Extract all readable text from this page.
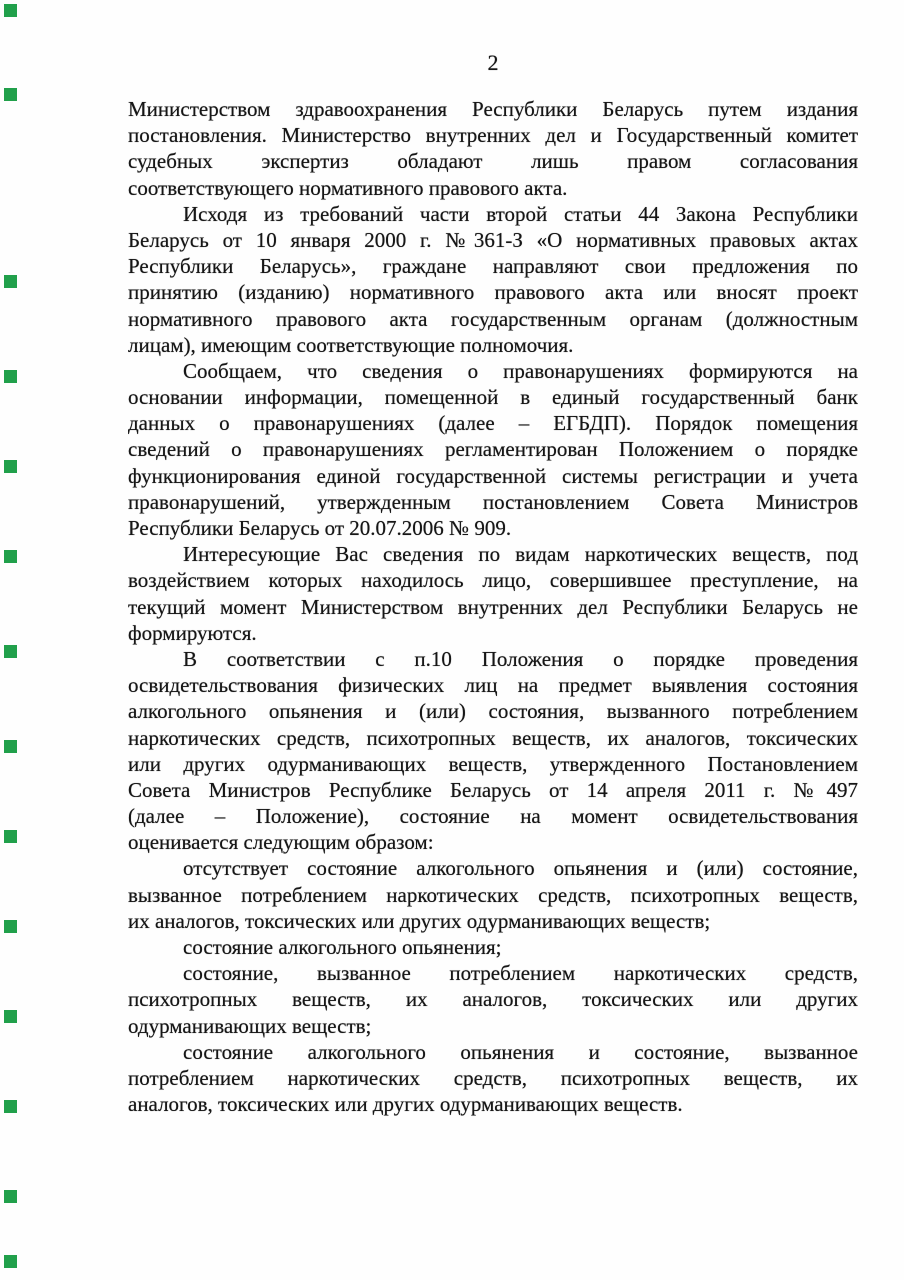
2
Министерством здравоохранения Республики Беларусь путем издания
постановления. Министерство внутренних дел и Государственный комитет
судебных экспертиз обладают лишь правом согласования
соответствующего нормативного правового акта.
Исходя из требований части второй статьи 44 Закона Республики
Беларусь от 10 января 2000 г. №361-З «О нормативных правовых актах
Республики Беларусь», граждане направляют свои предложения по
принятию (изданию) нормативного правового акта или вносят проект
нормативного правового акта государственным органам (должностным
лицам), имеющим соответствующие полномочия.
Сообщаем, что сведения о правонарушениях формируются на
основании информации, помещенной в единый государственный банк
данных о правонарушениях (далее – ЕГБДП). Порядок помещения
сведений о правонарушениях регламентирован Положением о порядке
функционирования единой государственной системы регистрации и учета
правонарушений, утвержденным постановлением Совета Министров
Республики Беларусь от 20.07.2006 № 909.
Интересующие Вас сведения по видам наркотических веществ, под
воздействием которых находилось лицо, совершившее преступление, на
текущий момент Министерством внутренних дел Республики Беларусь не
формируются.
В соответствии с п.10 Положения о порядке проведения
освидетельствования физических лиц на предмет выявления состояния
алкогольного опьянения и (или) состояния, вызванного потреблением
наркотических средств, психотропных веществ, их аналогов, токсических
или других одурманивающих веществ, утвержденного Постановлением
Совета Министров Республике Беларусь от 14 апреля 2011 г. №497
(далее – Положение), состояние на момент освидетельствования
оценивается следующим образом:
отсутствует состояние алкогольного опьянения и (или) состояние,
вызванное потреблением наркотических средств, психотропных веществ,
их аналогов, токсических или других одурманивающих веществ;
состояние алкогольного опьянения;
состояние, вызванное потреблением наркотических средств,
психотропных веществ, их аналогов, токсических или других
одурманивающих веществ;
состояние алкогольного опьянения и состояние, вызванное
потреблением наркотических средств, психотропных веществ, их
аналогов, токсических или других одурманивающих веществ.
